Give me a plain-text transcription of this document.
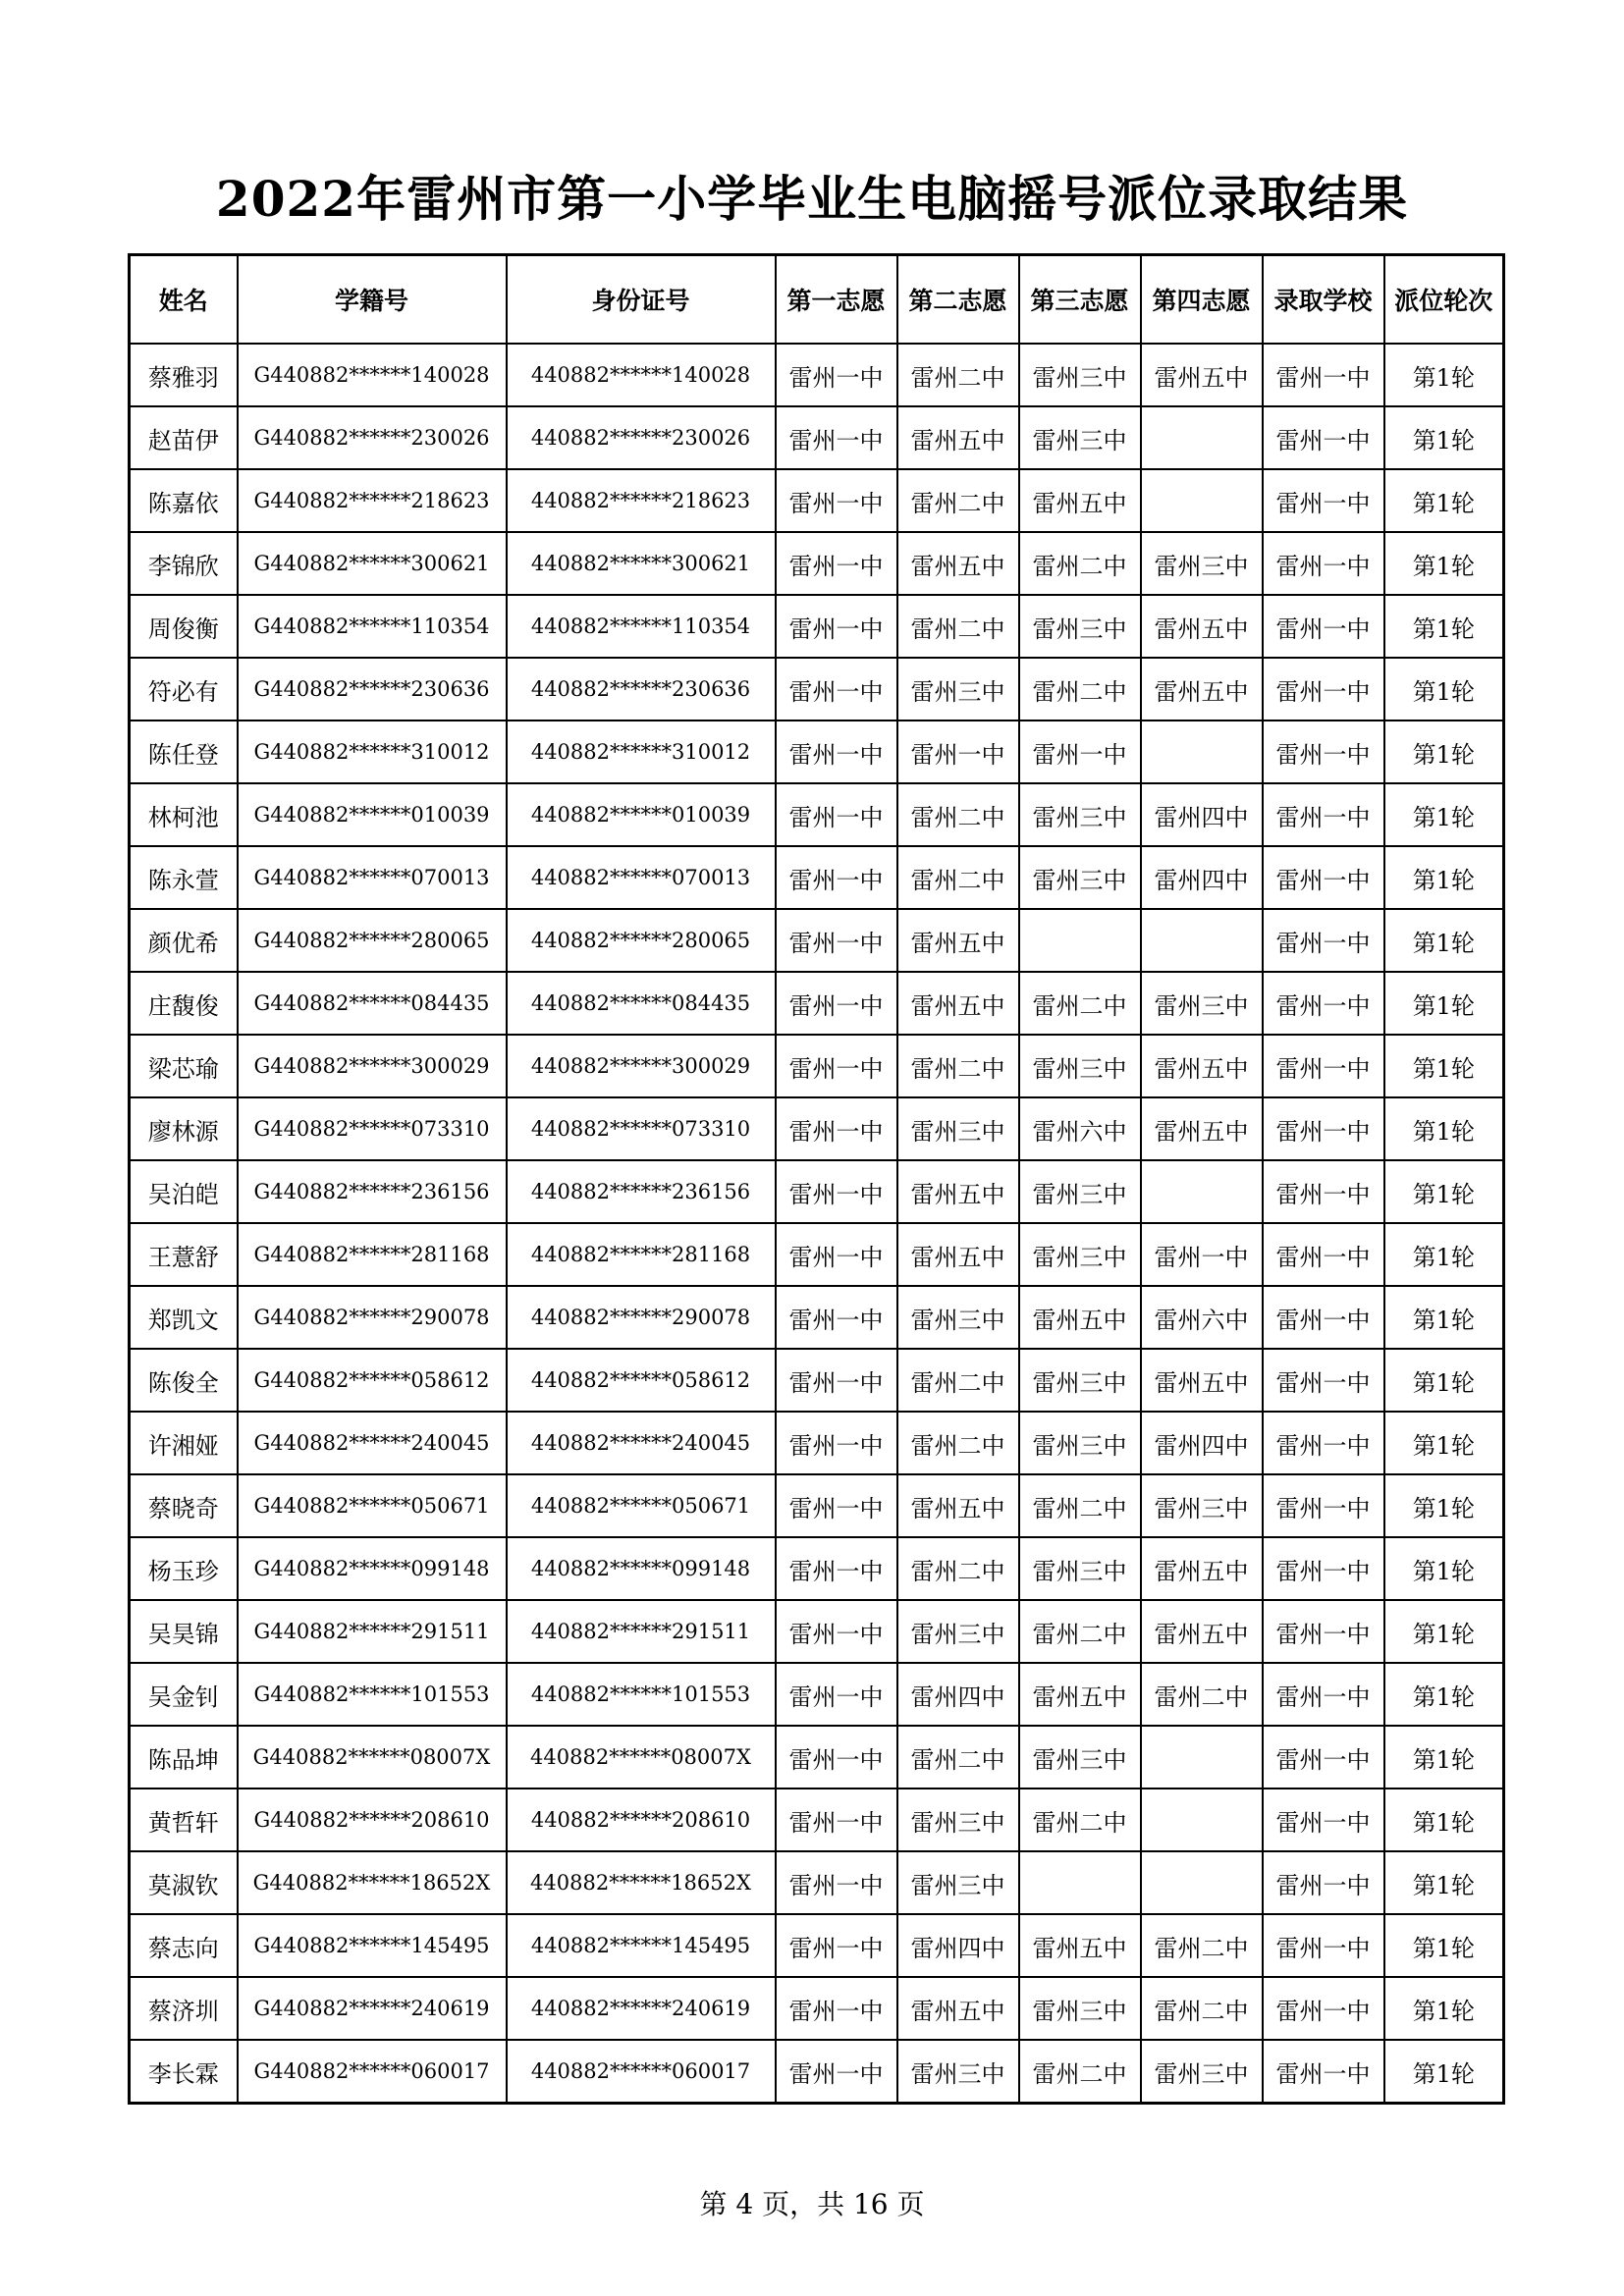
2022年雷州市第一小学毕业生电脑摇号派位录取结果
姓名	学籍号	身份证号	第一志愿	第二志愿	第三志愿	第四志愿	录取学校	派位轮次
蔡雅羽	G440882******140028	440882******140028	雷州一中	雷州二中	雷州三中	雷州五中	雷州一中	第1轮
赵苗伊	G440882******230026	440882******230026	雷州一中	雷州五中	雷州三中		雷州一中	第1轮
陈嘉依	G440882******218623	440882******218623	雷州一中	雷州二中	雷州五中		雷州一中	第1轮
李锦欣	G440882******300621	440882******300621	雷州一中	雷州五中	雷州二中	雷州三中	雷州一中	第1轮
周俊衡	G440882******110354	440882******110354	雷州一中	雷州二中	雷州三中	雷州五中	雷州一中	第1轮
符必有	G440882******230636	440882******230636	雷州一中	雷州三中	雷州二中	雷州五中	雷州一中	第1轮
陈任登	G440882******310012	440882******310012	雷州一中	雷州一中	雷州一中		雷州一中	第1轮
林柯池	G440882******010039	440882******010039	雷州一中	雷州二中	雷州三中	雷州四中	雷州一中	第1轮
陈永萱	G440882******070013	440882******070013	雷州一中	雷州二中	雷州三中	雷州四中	雷州一中	第1轮
颜优希	G440882******280065	440882******280065	雷州一中	雷州五中			雷州一中	第1轮
庄馥俊	G440882******084435	440882******084435	雷州一中	雷州五中	雷州二中	雷州三中	雷州一中	第1轮
梁芯瑜	G440882******300029	440882******300029	雷州一中	雷州二中	雷州三中	雷州五中	雷州一中	第1轮
廖林源	G440882******073310	440882******073310	雷州一中	雷州三中	雷州六中	雷州五中	雷州一中	第1轮
吴泊皑	G440882******236156	440882******236156	雷州一中	雷州五中	雷州三中		雷州一中	第1轮
王薏舒	G440882******281168	440882******281168	雷州一中	雷州五中	雷州三中	雷州一中	雷州一中	第1轮
郑凯文	G440882******290078	440882******290078	雷州一中	雷州三中	雷州五中	雷州六中	雷州一中	第1轮
陈俊全	G440882******058612	440882******058612	雷州一中	雷州二中	雷州三中	雷州五中	雷州一中	第1轮
许湘娅	G440882******240045	440882******240045	雷州一中	雷州二中	雷州三中	雷州四中	雷州一中	第1轮
蔡晓奇	G440882******050671	440882******050671	雷州一中	雷州五中	雷州二中	雷州三中	雷州一中	第1轮
杨玉珍	G440882******099148	440882******099148	雷州一中	雷州二中	雷州三中	雷州五中	雷州一中	第1轮
吴昊锦	G440882******291511	440882******291511	雷州一中	雷州三中	雷州二中	雷州五中	雷州一中	第1轮
吴金钊	G440882******101553	440882******101553	雷州一中	雷州四中	雷州五中	雷州二中	雷州一中	第1轮
陈品坤	G440882******08007X	440882******08007X	雷州一中	雷州二中	雷州三中		雷州一中	第1轮
黄哲轩	G440882******208610	440882******208610	雷州一中	雷州三中	雷州二中		雷州一中	第1轮
莫淑钦	G440882******18652X	440882******18652X	雷州一中	雷州三中			雷州一中	第1轮
蔡志向	G440882******145495	440882******145495	雷州一中	雷州四中	雷州五中	雷州二中	雷州一中	第1轮
蔡济圳	G440882******240619	440882******240619	雷州一中	雷州五中	雷州三中	雷州二中	雷州一中	第1轮
李长霖	G440882******060017	440882******060017	雷州一中	雷州三中	雷州二中	雷州三中	雷州一中	第1轮
第 4 页，共 16 页
